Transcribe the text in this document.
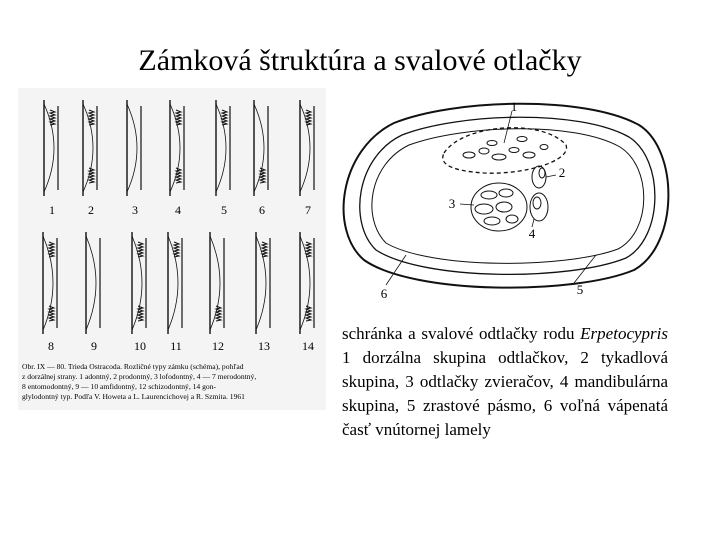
Zámková štruktúra a svalové otlačky
1	2	3	4	5	6	7
8	9	10 11	12	13	14
Obr. IX — 80. Trieda Ostracoda. Rozličné typy zámku (schéma), pohľad
z dorzálnej strany. 1 adontný, 2 prodontný, 3 lofodontný, 4 — 7 merodontný,
8 entomodontný, 9 — 10 amfidontný, 12 schizodontný, 14 gon-
glylodontný typ. Podľa V. Howeta a L. Laurencichovej a R. Szmita. 1961
1
2
3
4
5
6
schránka a svalové odtlačky rodu Erpetocypris 1 dorzálna skupina odtlačkov, 2 tykadlová skupina, 3 odtlačky zvieračov, 4 mandibulárna skupina, 5 zrastové pásmo, 6 voľná vápenatá časť vnútornej lamely
